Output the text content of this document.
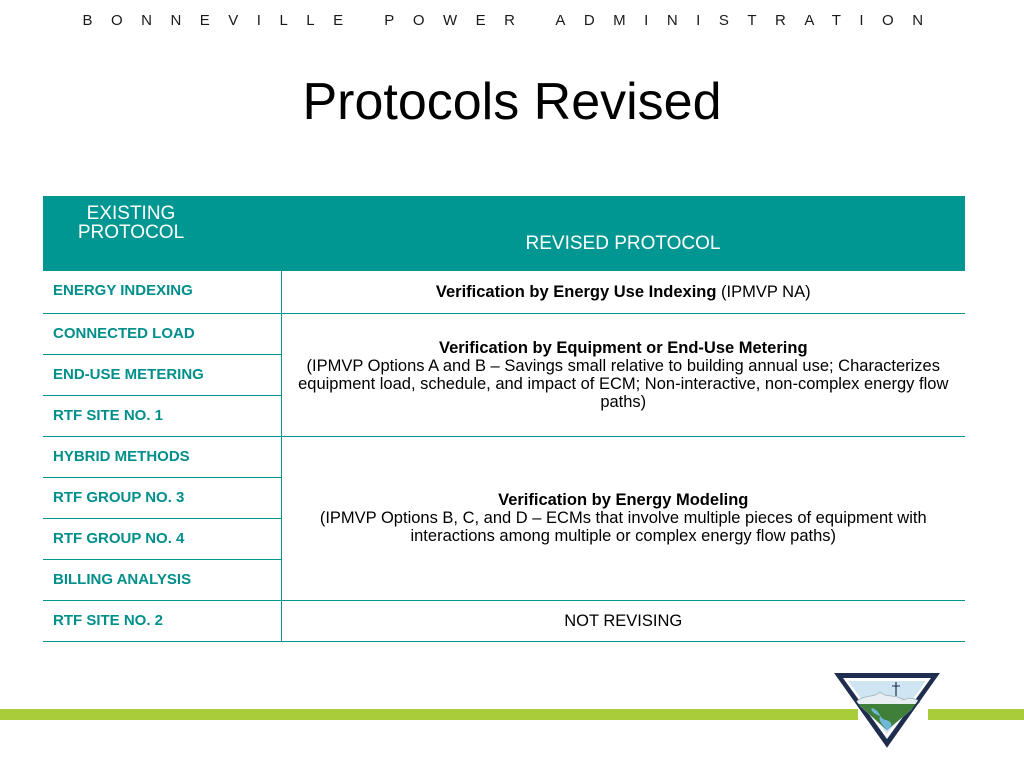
BONNEVILLE POWER ADMINISTRATION
Protocols Revised
EXISTING PROTOCOL	REVISED PROTOCOL
ENERGY INDEXING	Verification by Energy Use Indexing (IPMVP NA)
CONNECTED LOAD	Verification by Equipment or End-Use Metering
(IPMVP Options A and B – Savings small relative to building annual use; Characterizes equipment load, schedule, and impact of ECM; Non-interactive, non-complex energy flow paths)

END-USE METERING	
RTF SITE NO. 1	
HYBRID METHODS	Verification by Energy Modeling
(IPMVP Options B, C, and D – ECMs that involve multiple pieces of equipment with interactions among multiple or complex energy flow paths)

RTF GROUP NO. 3	
RTF GROUP NO. 4	
BILLING ANALYSIS	
RTF SITE NO. 2	NOT REVISING
